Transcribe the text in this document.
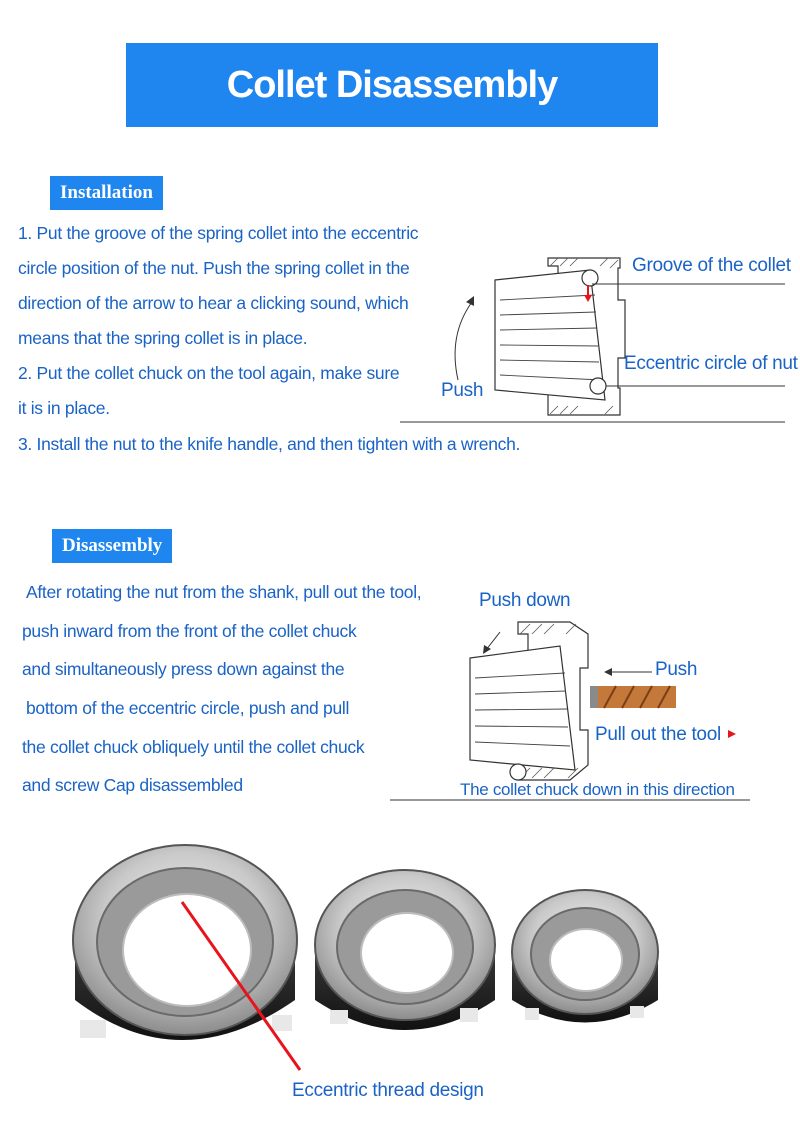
Collet Disassembly Instructions
Installation
1. Put the groove of the spring collet into the eccentric
circle position of the nut. Push the spring collet in the
direction of the arrow to hear a clicking sound, which
means that the spring collet is in place.
2. Put the collet chuck on the tool again, make sure
it is in place.
3. Install the nut to the knife handle, and then tighten with a wrench.
Groove of the collet
Eccentric circle of nut
Push
Disassembly
After rotating the nut from the shank, pull out the tool,
push inward from the front of the collet chuck
and simultaneously press down against the
bottom of the eccentric circle, push and pull
the collet chuck obliquely until the collet chuck
and screw Cap disassembled
Push down
Push
Pull out the tool
The collet chuck down in this direction
Eccentric thread design
